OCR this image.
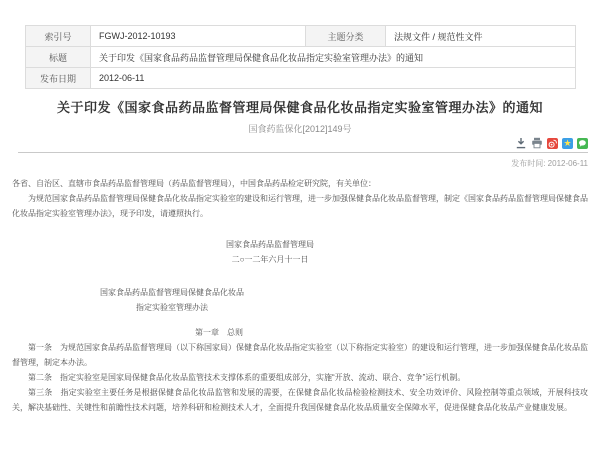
索引号	FGWJ-2012-10193	主题分类	法规文件 / 规范性文件
标题	关于印发《国家食品药品监督管理局保健食品化妆品指定实验室管理办法》的通知		
发布日期	2012-06-11		
关于印发《国家食品药品监督管理局保健食品化妆品指定实验室管理办法》的通知
国食药监保化[2012]149号
★
发布时间: 2012-06-11

各省、自治区、直辖市食品药品监督管理局（药品监督管理局），中国食品药品检定研究院，有关单位：

为规范国家食品药品监督管理局保健食品化妆品指定实验室的建设和运行管理，进一步加强保健食品化妆品监督管理，制定《国家食品药品监督管理局保健食品化妆品指定实验室管理办法》，现予印发，请遵照执行。

国家食品药品监督管理局
二○一二年六月十一日
国家食品药品监督管理局保健食品化妆品
指定实验室管理办法
第一章　总则

第一条　为规范国家食品药品监督管理局（以下称国家局）保健食品化妆品指定实验室（以下称指定实验室）的建设和运行管理，进一步加强保健食品化妆品监督管理，制定本办法。

第二条　指定实验室是国家局保健食品化妆品监管技术支撑体系的重要组成部分，实施“开放、流动、联合、竞争”运行机制。

第三条　指定实验室主要任务是根据保健食品化妆品监管和发展的需要，在保健食品化妆品检验检测技术、安全功效评价、风险控制等重点领域，开展科技攻关，解决基础性、关键性和前瞻性技术问题，培养科研和检测技术人才，全面提升我国保健食品化妆品质量安全保障水平，促进保健食品化妆品产业健康发展。
